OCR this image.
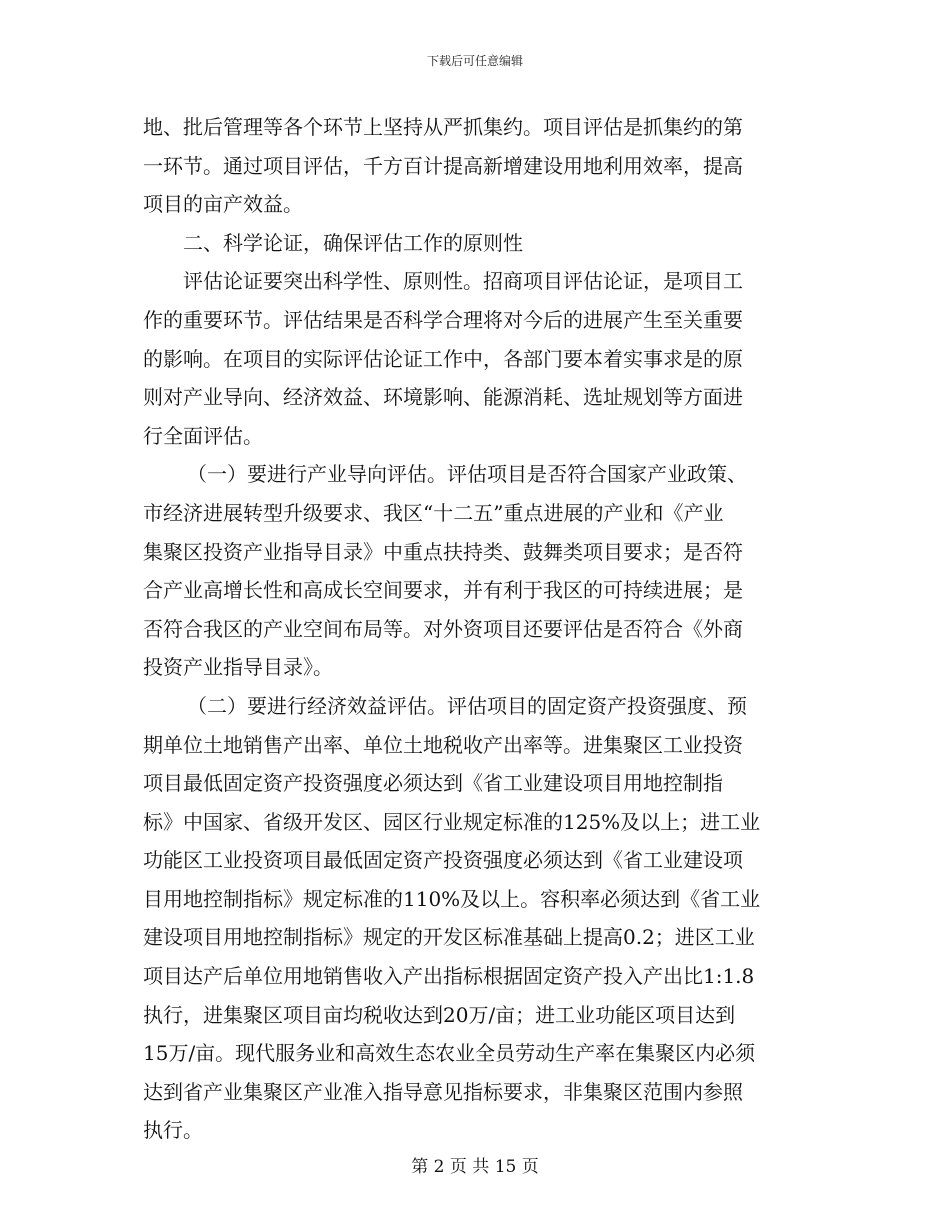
下载后可任意编辑
地、批后管理等各个环节上坚持从严抓集约。项目评估是抓集约的第
一环节。通过项目评估，千方百计提高新增建设用地利用效率，提高
项目的亩产效益。
二、科学论证，确保评估工作的原则性
评估论证要突出科学性、原则性。招商项目评估论证，是项目工
作的重要环节。评估结果是否科学合理将对今后的进展产生至关重要
的影响。在项目的实际评估论证工作中，各部门要本着实事求是的原
则对产业导向、经济效益、环境影响、能源消耗、选址规划等方面进
行全面评估。
（一）要进行产业导向评估。评估项目是否符合国家产业政策、
市经济进展转型升级要求、我区“十二五”重点进展的产业和《产业
集聚区投资产业指导目录》中重点扶持类、鼓舞类项目要求；是否符
合产业高增长性和高成长空间要求，并有利于我区的可持续进展；是
否符合我区的产业空间布局等。对外资项目还要评估是否符合《外商
投资产业指导目录》。
（二）要进行经济效益评估。评估项目的固定资产投资强度、预
期单位土地销售产出率、单位土地税收产出率等。进集聚区工业投资
项目最低固定资产投资强度必须达到《省工业建设项目用地控制指
标》中国家、省级开发区、园区行业规定标准的125%及以上；进工业
功能区工业投资项目最低固定资产投资强度必须达到《省工业建设项
目用地控制指标》规定标准的110%及以上。容积率必须达到《省工业
建设项目用地控制指标》规定的开发区标准基础上提高0.2；进区工业
项目达产后单位用地销售收入产出指标根据固定资产投入产出比1:1.8
执行，进集聚区项目亩均税收达到20万/亩；进工业功能区项目达到
15万/亩。现代服务业和高效生态农业全员劳动生产率在集聚区内必须
达到省产业集聚区产业准入指导意见指标要求，非集聚区范围内参照
执行。
第 2 页 共 15 页
